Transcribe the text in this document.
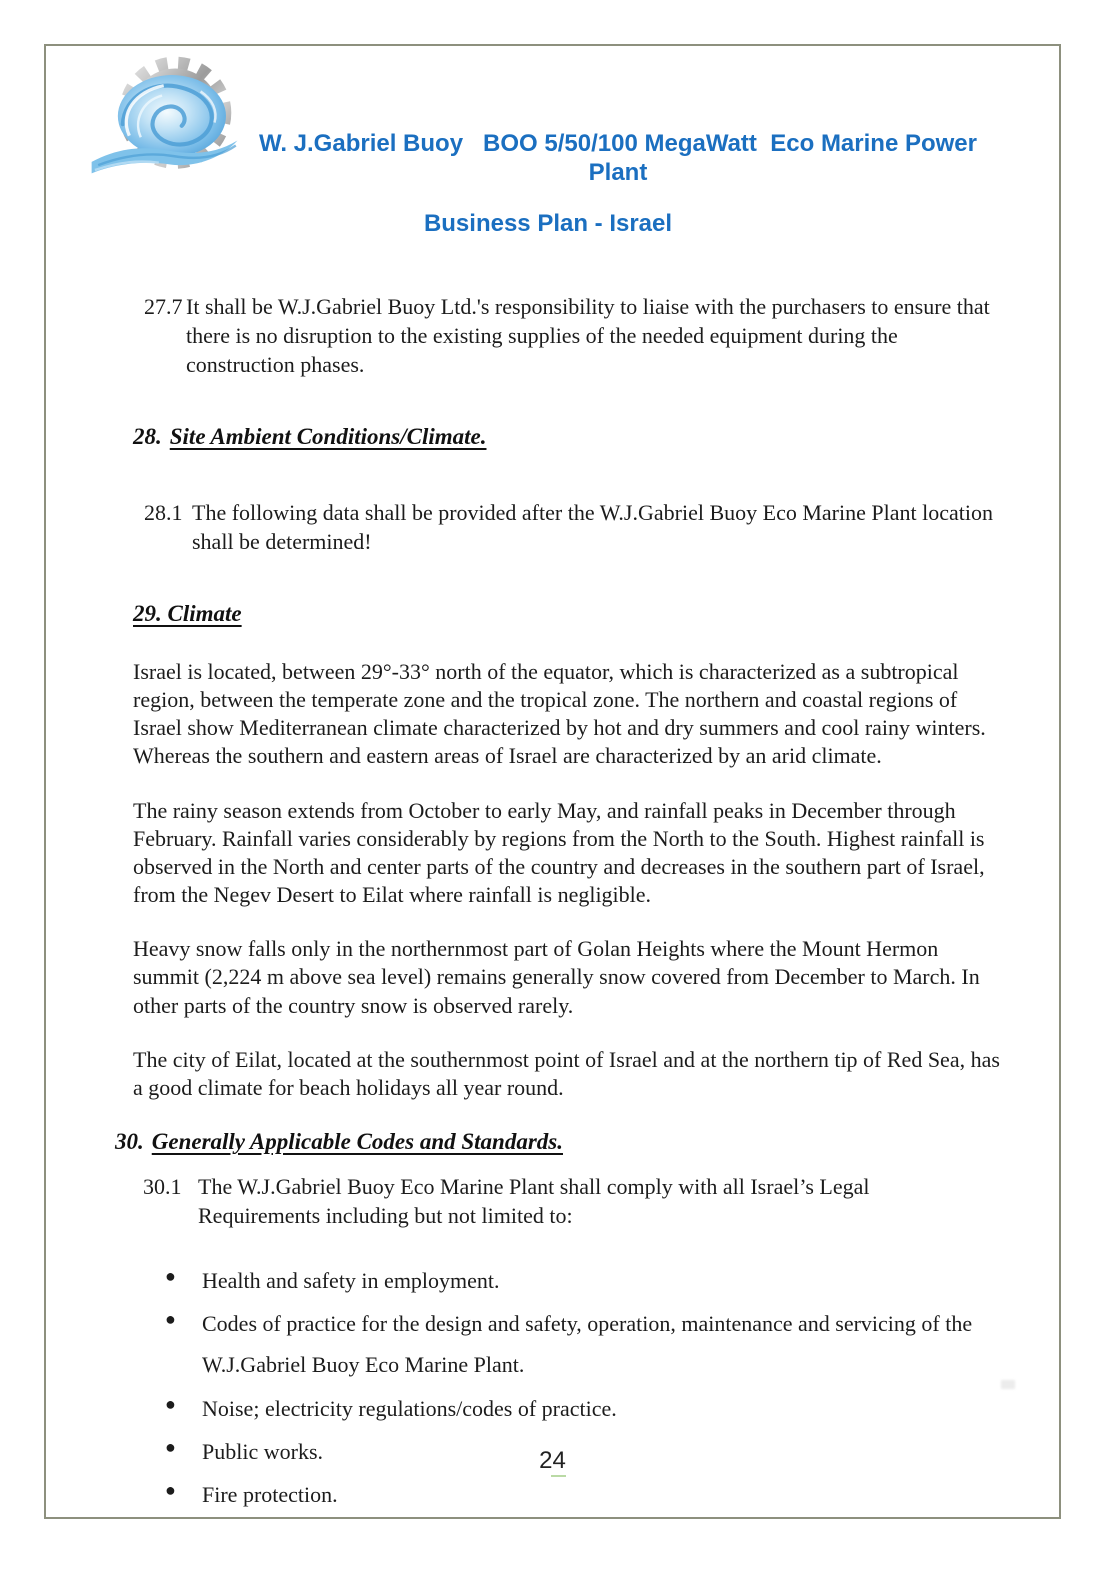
W. J.Gabriel Buoy   BOO 5/50/100 MegaWatt  Eco Marine Power Plant
Business Plan - Israel
27.7 It shall be W.J.Gabriel Buoy Ltd.'s responsibility to liaise with the purchasers to ensure that there is no disruption to the existing supplies of the needed equipment during the construction phases.
28. Site Ambient Conditions/Climate.
28.1 The following data shall be provided after the W.J.Gabriel Buoy Eco Marine Plant location shall be determined!
29. Climate

Israel is located, between 29°-33° north of the equator, which is characterized as a subtropical region, between the temperate zone and the tropical zone. The northern and coastal regions of Israel show Mediterranean climate characterized by hot and dry summers and cool rainy winters. Whereas the southern and eastern areas of Israel are characterized by an arid climate.

The rainy season extends from October to early May, and rainfall peaks in December through February. Rainfall varies considerably by regions from the North to the South. Highest rainfall is observed in the North and center parts of the country and decreases in the southern part of Israel, from the Negev Desert to Eilat where rainfall is negligible.

Heavy snow falls only in the northernmost part of Golan Heights where the Mount Hermon summit (2,224 m above sea level) remains generally snow covered from December to March. In other parts of the country snow is observed rarely.

The city of Eilat, located at the southernmost point of Israel and at the northern tip of Red Sea, has a good climate for beach holidays all year round.

30. Generally Applicable Codes and Standards.
30.1 The W.J.Gabriel Buoy Eco Marine Plant shall comply with all Israel’s Legal Requirements including but not limited to:
● Health and safety in employment.
● Codes of practice for the design and safety, operation, maintenance and servicing of the W.J.Gabriel Buoy Eco Marine Plant.
● Noise; electricity regulations/codes of practice.
● Public works.
● Fire protection.
24
